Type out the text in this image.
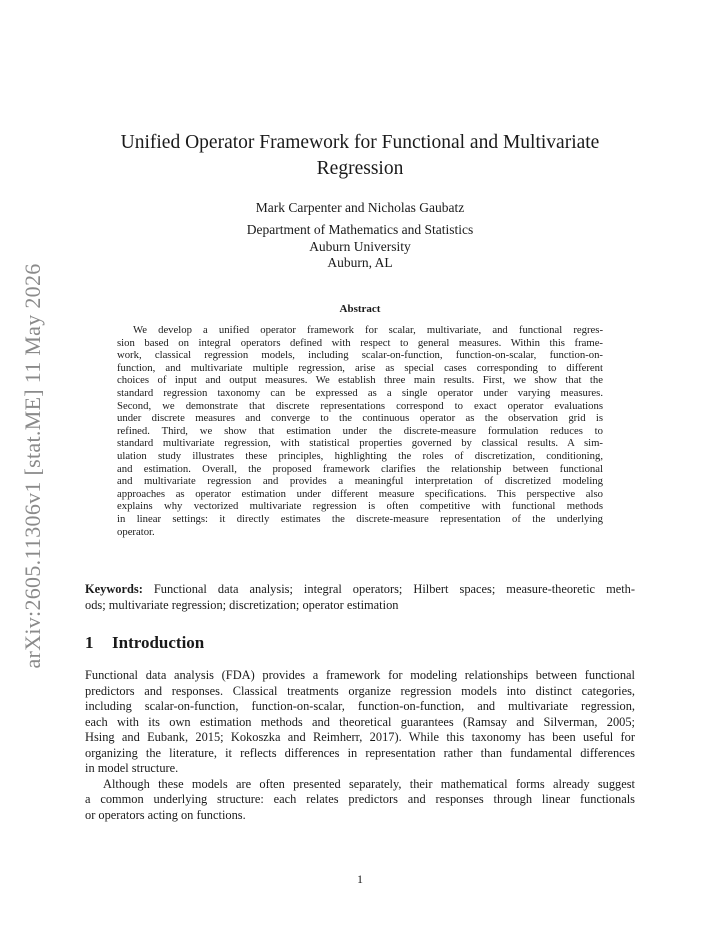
arXiv:2605.11306v1 [stat.ME] 11 May 2026
Unified Operator Framework for Functional and Multivariate
Regression
Mark Carpenter and Nicholas Gaubatz
Department of Mathematics and Statistics
Auburn University
Auburn, AL
Abstract
We develop a unified operator framework for scalar, multivariate, and functional regres-
sion based on integral operators defined with respect to general measures. Within this frame-
work, classical regression models, including scalar-on-function, function-on-scalar, function-on-
function, and multivariate multiple regression, arise as special cases corresponding to different
choices of input and output measures. We establish three main results. First, we show that the
standard regression taxonomy can be expressed as a single operator under varying measures.
Second, we demonstrate that discrete representations correspond to exact operator evaluations
under discrete measures and converge to the continuous operator as the observation grid is
refined. Third, we show that estimation under the discrete-measure formulation reduces to
standard multivariate regression, with statistical properties governed by classical results. A sim-
ulation study illustrates these principles, highlighting the roles of discretization, conditioning,
and estimation. Overall, the proposed framework clarifies the relationship between functional
and multivariate regression and provides a meaningful interpretation of discretized modeling
approaches as operator estimation under different measure specifications. This perspective also
explains why vectorized multivariate regression is often competitive with functional methods
in linear settings: it directly estimates the discrete-measure representation of the underlying
operator.
Keywords: Functional data analysis; integral operators; Hilbert spaces; measure-theoretic meth-
ods; multivariate regression; discretization; operator estimation
1 Introduction
Functional data analysis (FDA) provides a framework for modeling relationships between functional
predictors and responses. Classical treatments organize regression models into distinct categories,
including scalar-on-function, function-on-scalar, function-on-function, and multivariate regression,
each with its own estimation methods and theoretical guarantees (Ramsay and Silverman, 2005;
Hsing and Eubank, 2015; Kokoszka and Reimherr, 2017). While this taxonomy has been useful for
organizing the literature, it reflects differences in representation rather than fundamental differences
in model structure.
Although these models are often presented separately, their mathematical forms already suggest
a common underlying structure: each relates predictors and responses through linear functionals
or operators acting on functions.
1
